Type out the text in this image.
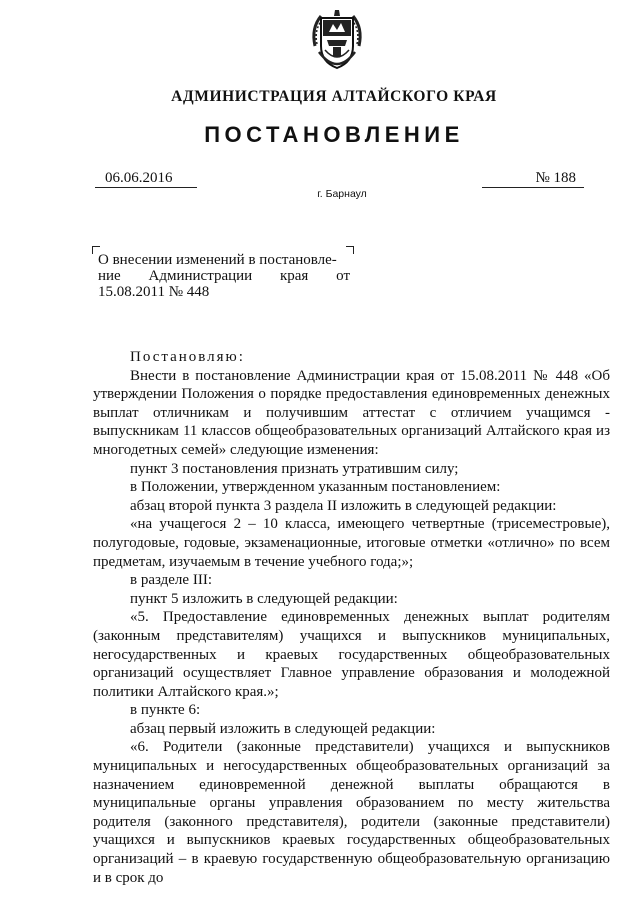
АДМИНИСТРАЦИЯ АЛТАЙСКОГО КРАЯ
ПОСТАНОВЛЕНИЕ
06.06.2016	№ 188
г. Барнаул
О внесении изменений в постановле-
ние Администрации края от
15.08.2011 № 448

Постановляю:

Внести в постановление Администрации края от 15.08.2011 № 448 «Об утверждении Положения о порядке предоставления единовременных денежных выплат отличникам и получившим аттестат с отличием учащимся - выпускникам 11 классов общеобразовательных организаций Алтайского края из многодетных семей» следующие изменения:

пункт 3 постановления признать утратившим силу;

в Положении, утвержденном указанным постановлением:

абзац второй пункта 3 раздела II изложить в следующей редакции:

«на учащегося 2 – 10 класса, имеющего четвертные (трисеместровые), полугодовые, годовые, экзаменационные, итоговые отметки «отлично» по всем предметам, изучаемым в течение учебного года;»;

в разделе III:

пункт 5 изложить в следующей редакции:

«5. Предоставление единовременных денежных выплат родителям (законным представителям) учащихся и выпускников муниципальных, негосударственных и краевых государственных общеобразовательных организаций осуществляет Главное управление образования и молодежной политики Алтайского края.»;

в пункте 6:

абзац первый изложить в следующей редакции:

«6. Родители (законные представители) учащихся и выпускников муниципальных и негосударственных общеобразовательных организаций за назначением единовременной денежной выплаты обращаются в муниципальные органы управления образованием по месту жительства родителя (законного представителя), родители (законные представители) учащихся и выпускников краевых государственных общеобразовательных организаций – в краевую государственную общеобразовательную организацию и в срок до
